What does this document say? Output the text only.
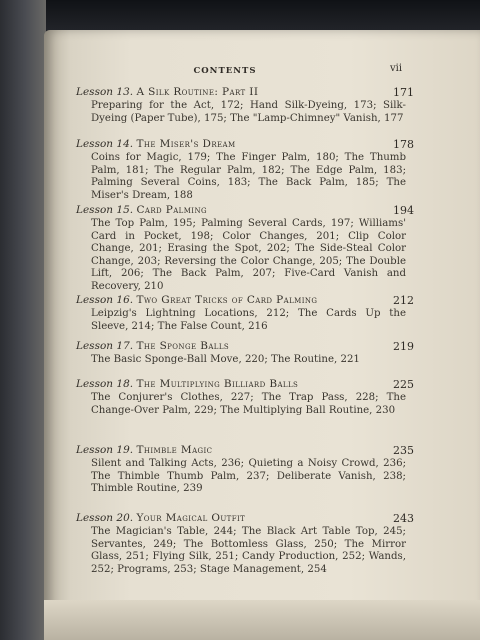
CONTENTS	vii
Lesson 13. A Silk Routine: Part II	171
Preparing for the Act, 172; Hand Silk-Dyeing, 173; Silk-Dyeing (Paper Tube), 175; The "Lamp-Chimney" Vanish, 177
Lesson 14. The Miser's Dream	178
Coins for Magic, 179; The Finger Palm, 180; The Thumb Palm, 181; The Regular Palm, 182; The Edge Palm, 183; Palming Several Coins, 183; The Back Palm, 185; The Miser's Dream, 188
Lesson 15. Card Palming	194
The Top Palm, 195; Palming Several Cards, 197; Williams' Card in Pocket, 198; Color Changes, 201; Clip Color Change, 201; Erasing the Spot, 202; The Side-Steal Color Change, 203; Reversing the Color Change, 205; The Double Lift, 206; The Back Palm, 207; Five-Card Vanish and Recovery, 210
Lesson 16. Two Great Tricks of Card Palming	212
Leipzig's Lightning Locations, 212; The Cards Up the Sleeve, 214; The False Count, 216
Lesson 17. The Sponge Balls	219
The Basic Sponge-Ball Move, 220; The Routine, 221
Lesson 18. The Multiplying Billiard Balls	225
The Conjurer's Clothes, 227; The Trap Pass, 228; The Change-Over Palm, 229; The Multiplying Ball Routine, 230
Lesson 19. Thimble Magic	235
Silent and Talking Acts, 236; Quieting a Noisy Crowd, 236; The Thimble Thumb Palm, 237; Deliberate Vanish, 238; Thimble Routine, 239
Lesson 20. Your Magical Outfit	243
The Magician's Table, 244; The Black Art Table Top, 245; Servantes, 249; The Bottomless Glass, 250; The Mirror Glass, 251; Flying Silk, 251; Candy Production, 252; Wands, 252; Programs, 253; Stage Management, 254
